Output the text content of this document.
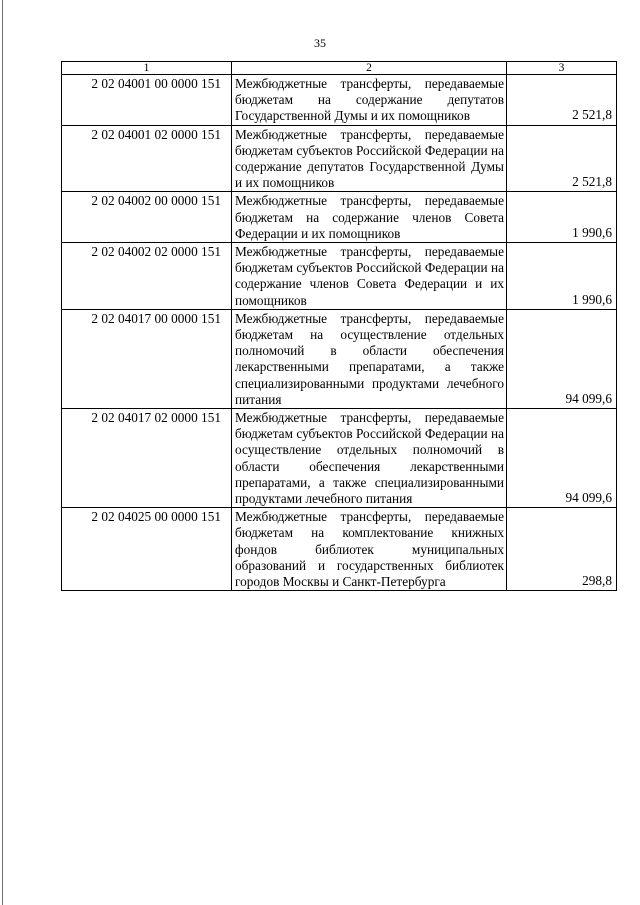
35
1	2	3
2 02 04001 00 0000 151	Межбюджетные трансферты, передаваемые бюджетам на содержание депутатов Государственной Думы и их помощников	2 521,8
2 02 04001 02 0000 151	Межбюджетные трансферты, передаваемые бюджетам субъектов Российской Федерации на содержание депутатов Государственной Думы и их помощников	2 521,8
2 02 04002 00 0000 151	Межбюджетные трансферты, передаваемые бюджетам на содержание членов Совета Федерации и их помощников	1 990,6
2 02 04002 02 0000 151	Межбюджетные трансферты, передаваемые бюджетам субъектов Российской Федерации на содержание членов Совета Федерации и их помощников	1 990,6
2 02 04017 00 0000 151	Межбюджетные трансферты, передаваемые бюджетам на осуществление отдельных полномочий в области обеспечения лекарственными препаратами, а также специализированными продуктами лечебного питания	94 099,6
2 02 04017 02 0000 151	Межбюджетные трансферты, передаваемые бюджетам субъектов Российской Федерации на осуществление отдельных полномочий в области обеспечения лекарственными препаратами, а также специализированными продуктами лечебного питания	94 099,6
2 02 04025 00 0000 151	Межбюджетные трансферты, передаваемые бюджетам на комплектование книжных фондов библиотек муниципальных образований и государственных библиотек городов Москвы и Санкт-Петербурга	298,8
